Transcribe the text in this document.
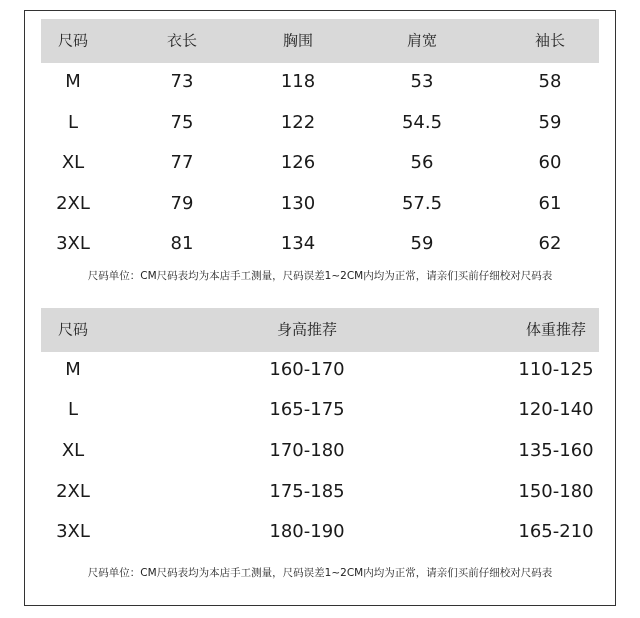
尺码	衣长	胸围	肩宽	袖长
M	73	118	53	58
L	75	122	54.5	59
XL	77	126	56	60
2XL	79	130	57.5	61
3XL	81	134	59	62
尺码单位：CM尺码表均为本店手工测量，尺码误差1~2CM内均为正常，请亲们买前仔细校对尺码表
尺码	身高推荐	体重推荐
M	160-170	110-125
L	165-175	120-140
XL	170-180	135-160
2XL	175-185	150-180
3XL	180-190	165-210
尺码单位：CM尺码表均为本店手工测量，尺码误差1~2CM内均为正常，请亲们买前仔细校对尺码表
